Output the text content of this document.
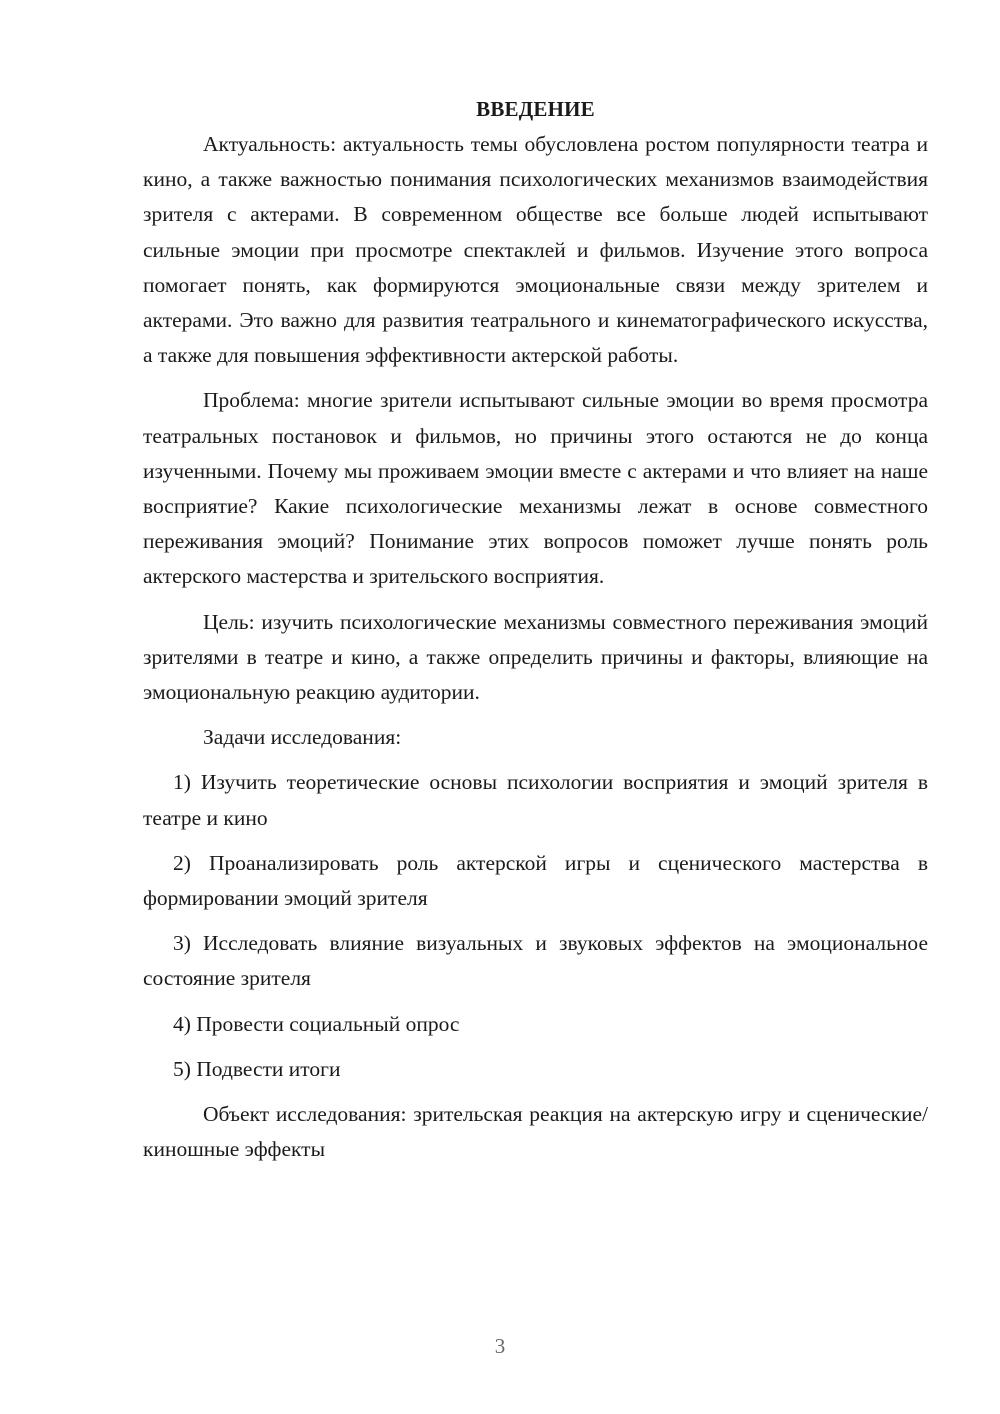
ВВЕДЕНИЕ

Актуальность: актуальность темы обусловлена ростом популярности театра и кино, а также важностью понимания психологических механизмов взаимодействия зрителя с актерами. В современном обществе все больше людей испытывают сильные эмоции при просмотре спектаклей и фильмов. Изучение этого вопроса помогает понять, как формируются эмоциональные связи между зрителем и актерами. Это важно для развития театрального и кинематографического искусства, а также для повышения эффективности актерской работы.

Проблема: многие зрители испытывают сильные эмоции во время просмотра театральных постановок и фильмов, но причины этого остаются не до конца изученными. Почему мы проживаем эмоции вместе с актерами и что влияет на наше восприятие? Какие психологические механизмы лежат в основе совместного переживания эмоций? Понимание этих вопросов поможет лучше понять роль актерского мастерства и зрительского восприятия.

Цель: изучить психологические механизмы совместного переживания эмоций зрителями в театре и кино, а также определить причины и факторы, влияющие на эмоциональную реакцию аудитории.

Задачи исследования:

1) Изучить теоретические основы психологии восприятия и эмоций зрителя в театре и кино

2) Проанализировать роль актерской игры и сценического мастерства в формировании эмоций зрителя

3) Исследовать влияние визуальных и звуковых эффектов на эмоциональное состояние зрителя

4) Провести социальный опрос

5) Подвести итоги

Объект исследования: зрительская реакция на актерскую игру и сценические/киношные эффекты

3
